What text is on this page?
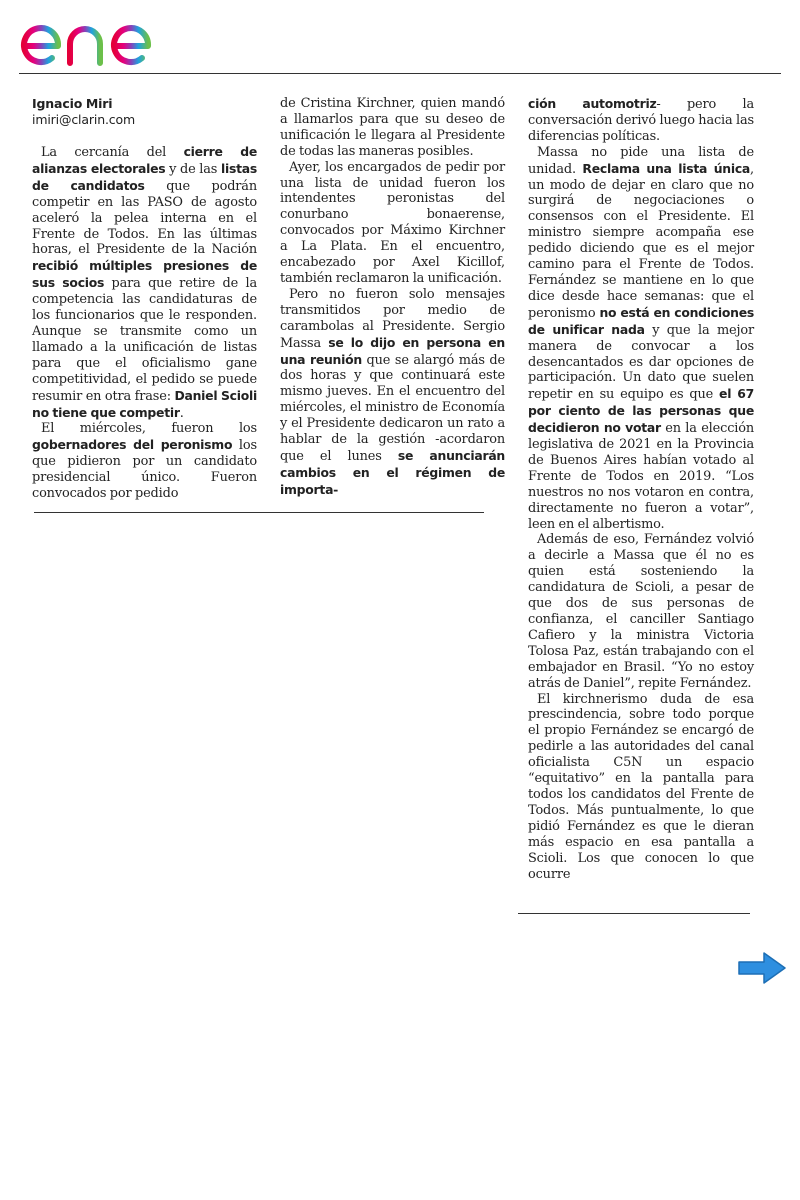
Ignacio Miri
imiri@clarin.com

La cercanía del cierre de alianzas electorales y de las listas de candidatos que podrán competir en las PASO de agosto aceleró la pelea interna en el Frente de Todos. En las últimas horas, el Presidente de la Nación recibió múltiples presiones de sus socios para que retire de la competencia las candidaturas de los funcionarios que le responden. Aunque se transmite como un llamado a la unificación de listas para que el oficialismo gane competitividad, el pedido se puede resumir en otra frase: Daniel Scioli no tiene que competir.

El miércoles, fueron los gobernadores del peronismo los que pidieron por un candidato presidencial único. Fueron convocados por pedido

de Cristina Kirchner, quien mandó a llamarlos para que su deseo de unificación le llegara al Presidente de todas las maneras posibles.

Ayer, los encargados de pedir por una lista de unidad fueron los intendentes peronistas del conurbano bonaerense, convocados por Máximo Kirchner a La Plata. En el encuentro, encabezado por Axel Kicillof, también reclamaron la unificación.

Pero no fueron solo mensajes transmitidos por medio de carambolas al Presidente. Sergio Massa se lo dijo en persona en una reunión que se alargó más de dos horas y que continuará este mismo jueves. En el encuentro del miércoles, el ministro de Economía y el Presidente dedicaron un rato a hablar de la gestión -acordaron que el lunes se anunciarán cambios en el régimen de importa-

ción automotriz- pero la conversación derivó luego hacia las diferencias políticas.

Massa no pide una lista de unidad. Reclama una lista única, un modo de dejar en claro que no surgirá de negociaciones o consensos con el Presidente. El ministro siempre acompaña ese pedido diciendo que es el mejor camino para el Frente de Todos. Fernández se mantiene en lo que dice desde hace semanas: que el peronismo no está en condiciones de unificar nada y que la mejor manera de convocar a los desencantados es dar opciones de participación. Un dato que suelen repetir en su equipo es que el 67 por ciento de las personas que decidieron no votar en la elección legislativa de 2021 en la Provincia de Buenos Aires habían votado al Frente de Todos en 2019. “Los nuestros no nos votaron en contra, directamente no fueron a votar”, leen en el albertismo.

Además de eso, Fernández volvió a decirle a Massa que él no es quien está sosteniendo la candidatura de Scioli, a pesar de que dos de sus personas de confianza, el canciller Santiago Cafiero y la ministra Victoria Tolosa Paz, están trabajando con el embajador en Brasil. “Yo no estoy atrás de Daniel”, repite Fernández.

El kirchnerismo duda de esa prescindencia, sobre todo porque el propio Fernández se encargó de pedirle a las autoridades del canal oficialista C5N un espacio “equitativo” en la pantalla para todos los candidatos del Frente de Todos. Más puntualmente, lo que pidió Fernández es que le dieran más espacio en esa pantalla a Scioli. Los que conocen lo que ocurre
